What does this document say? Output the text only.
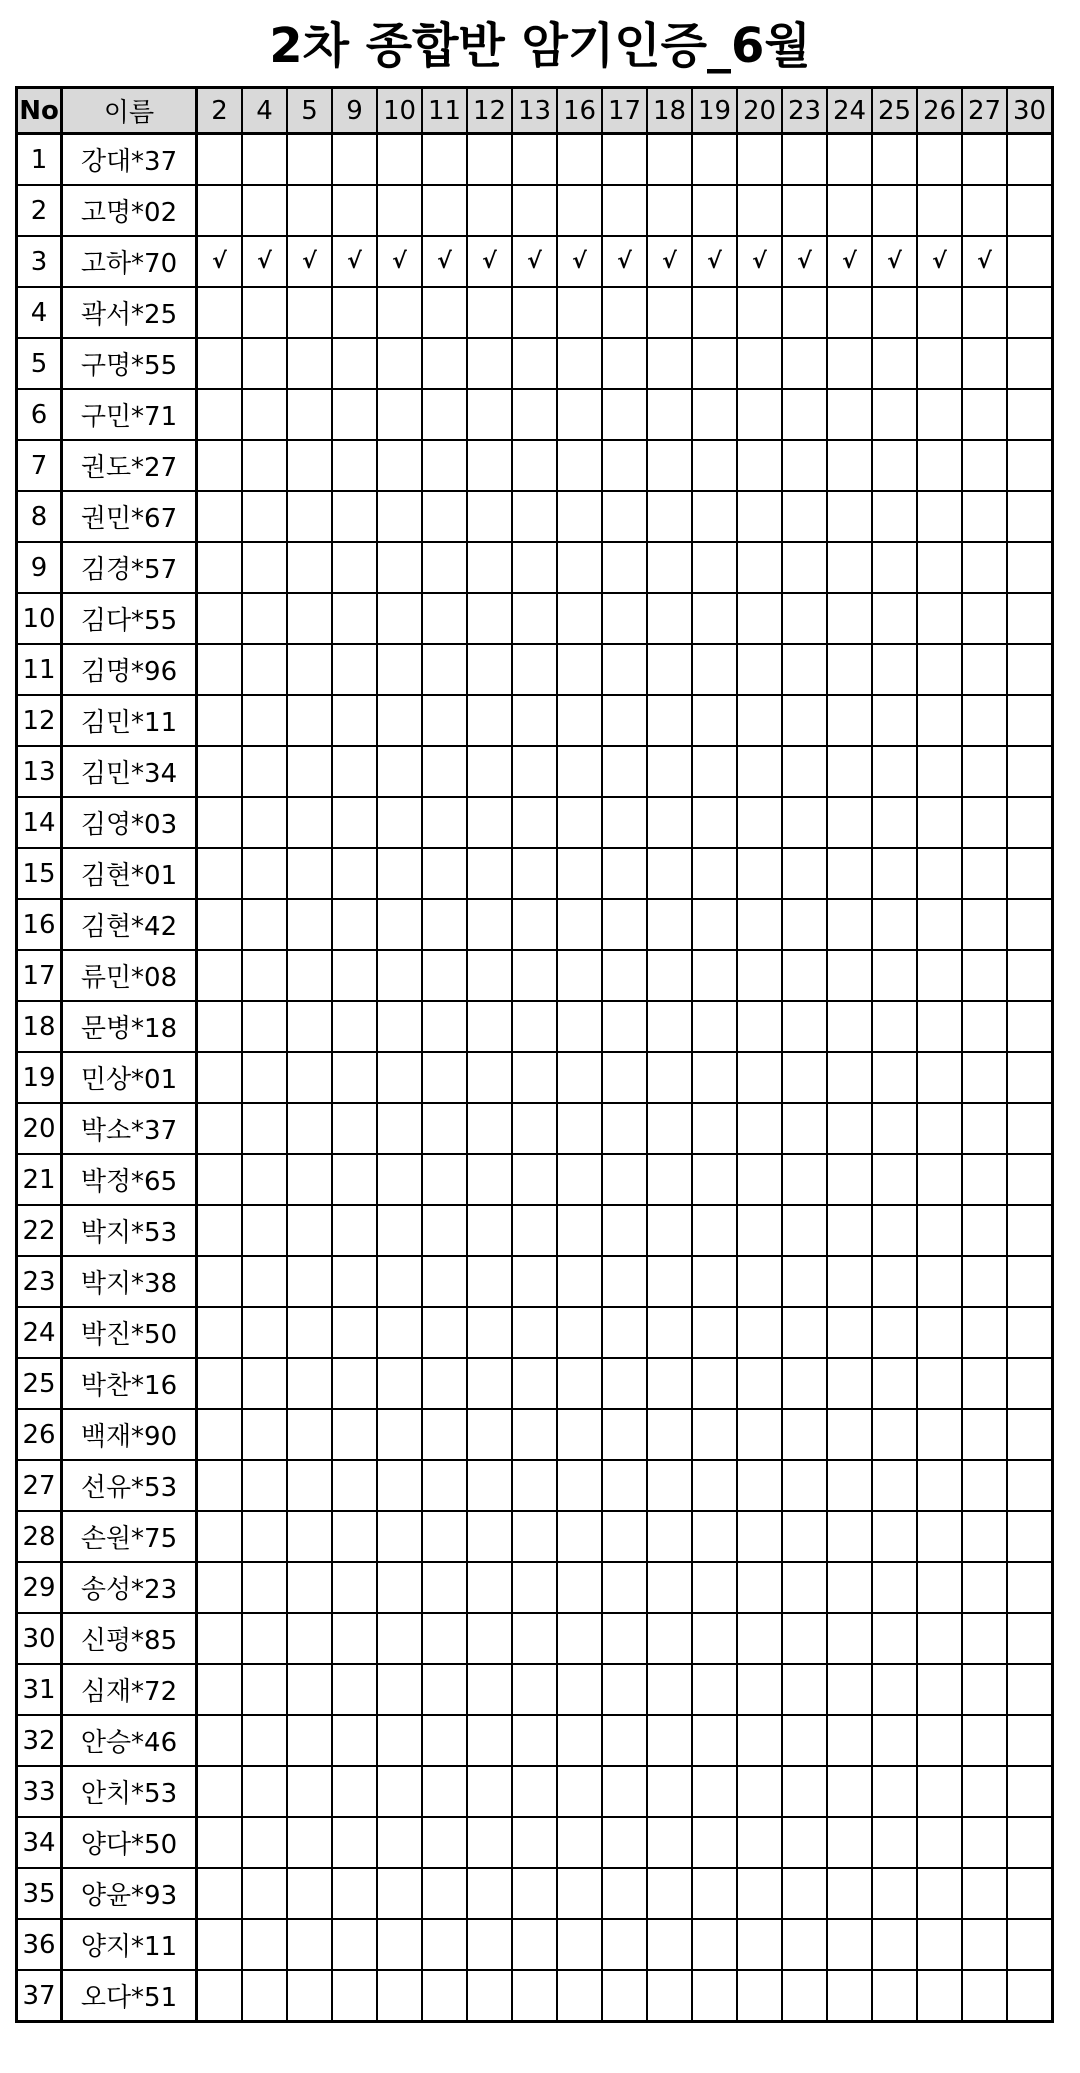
2차 종합반 암기인증_6월
No	이름	2	4	5	9	10	11	12	13	16	17	18	19	20	23	24	25	26	27	30
1	강대*37																			
2	고명*02																			
3	고하*70	√	√	√	√	√	√	√	√	√	√	√	√	√	√	√	√	√	√	
4	곽서*25																			
5	구명*55																			
6	구민*71																			
7	권도*27																			
8	권민*67																			
9	김경*57																			
10	김다*55																			
11	김명*96																			
12	김민*11																			
13	김민*34																			
14	김영*03																			
15	김현*01																			
16	김현*42																			
17	류민*08																			
18	문병*18																			
19	민상*01																			
20	박소*37																			
21	박정*65																			
22	박지*53																			
23	박지*38																			
24	박진*50																			
25	박찬*16																			
26	백재*90																			
27	선유*53																			
28	손원*75																			
29	송성*23																			
30	신평*85																			
31	심재*72																			
32	안승*46																			
33	안치*53																			
34	양다*50																			
35	양윤*93																			
36	양지*11																			
37	오다*51																			
